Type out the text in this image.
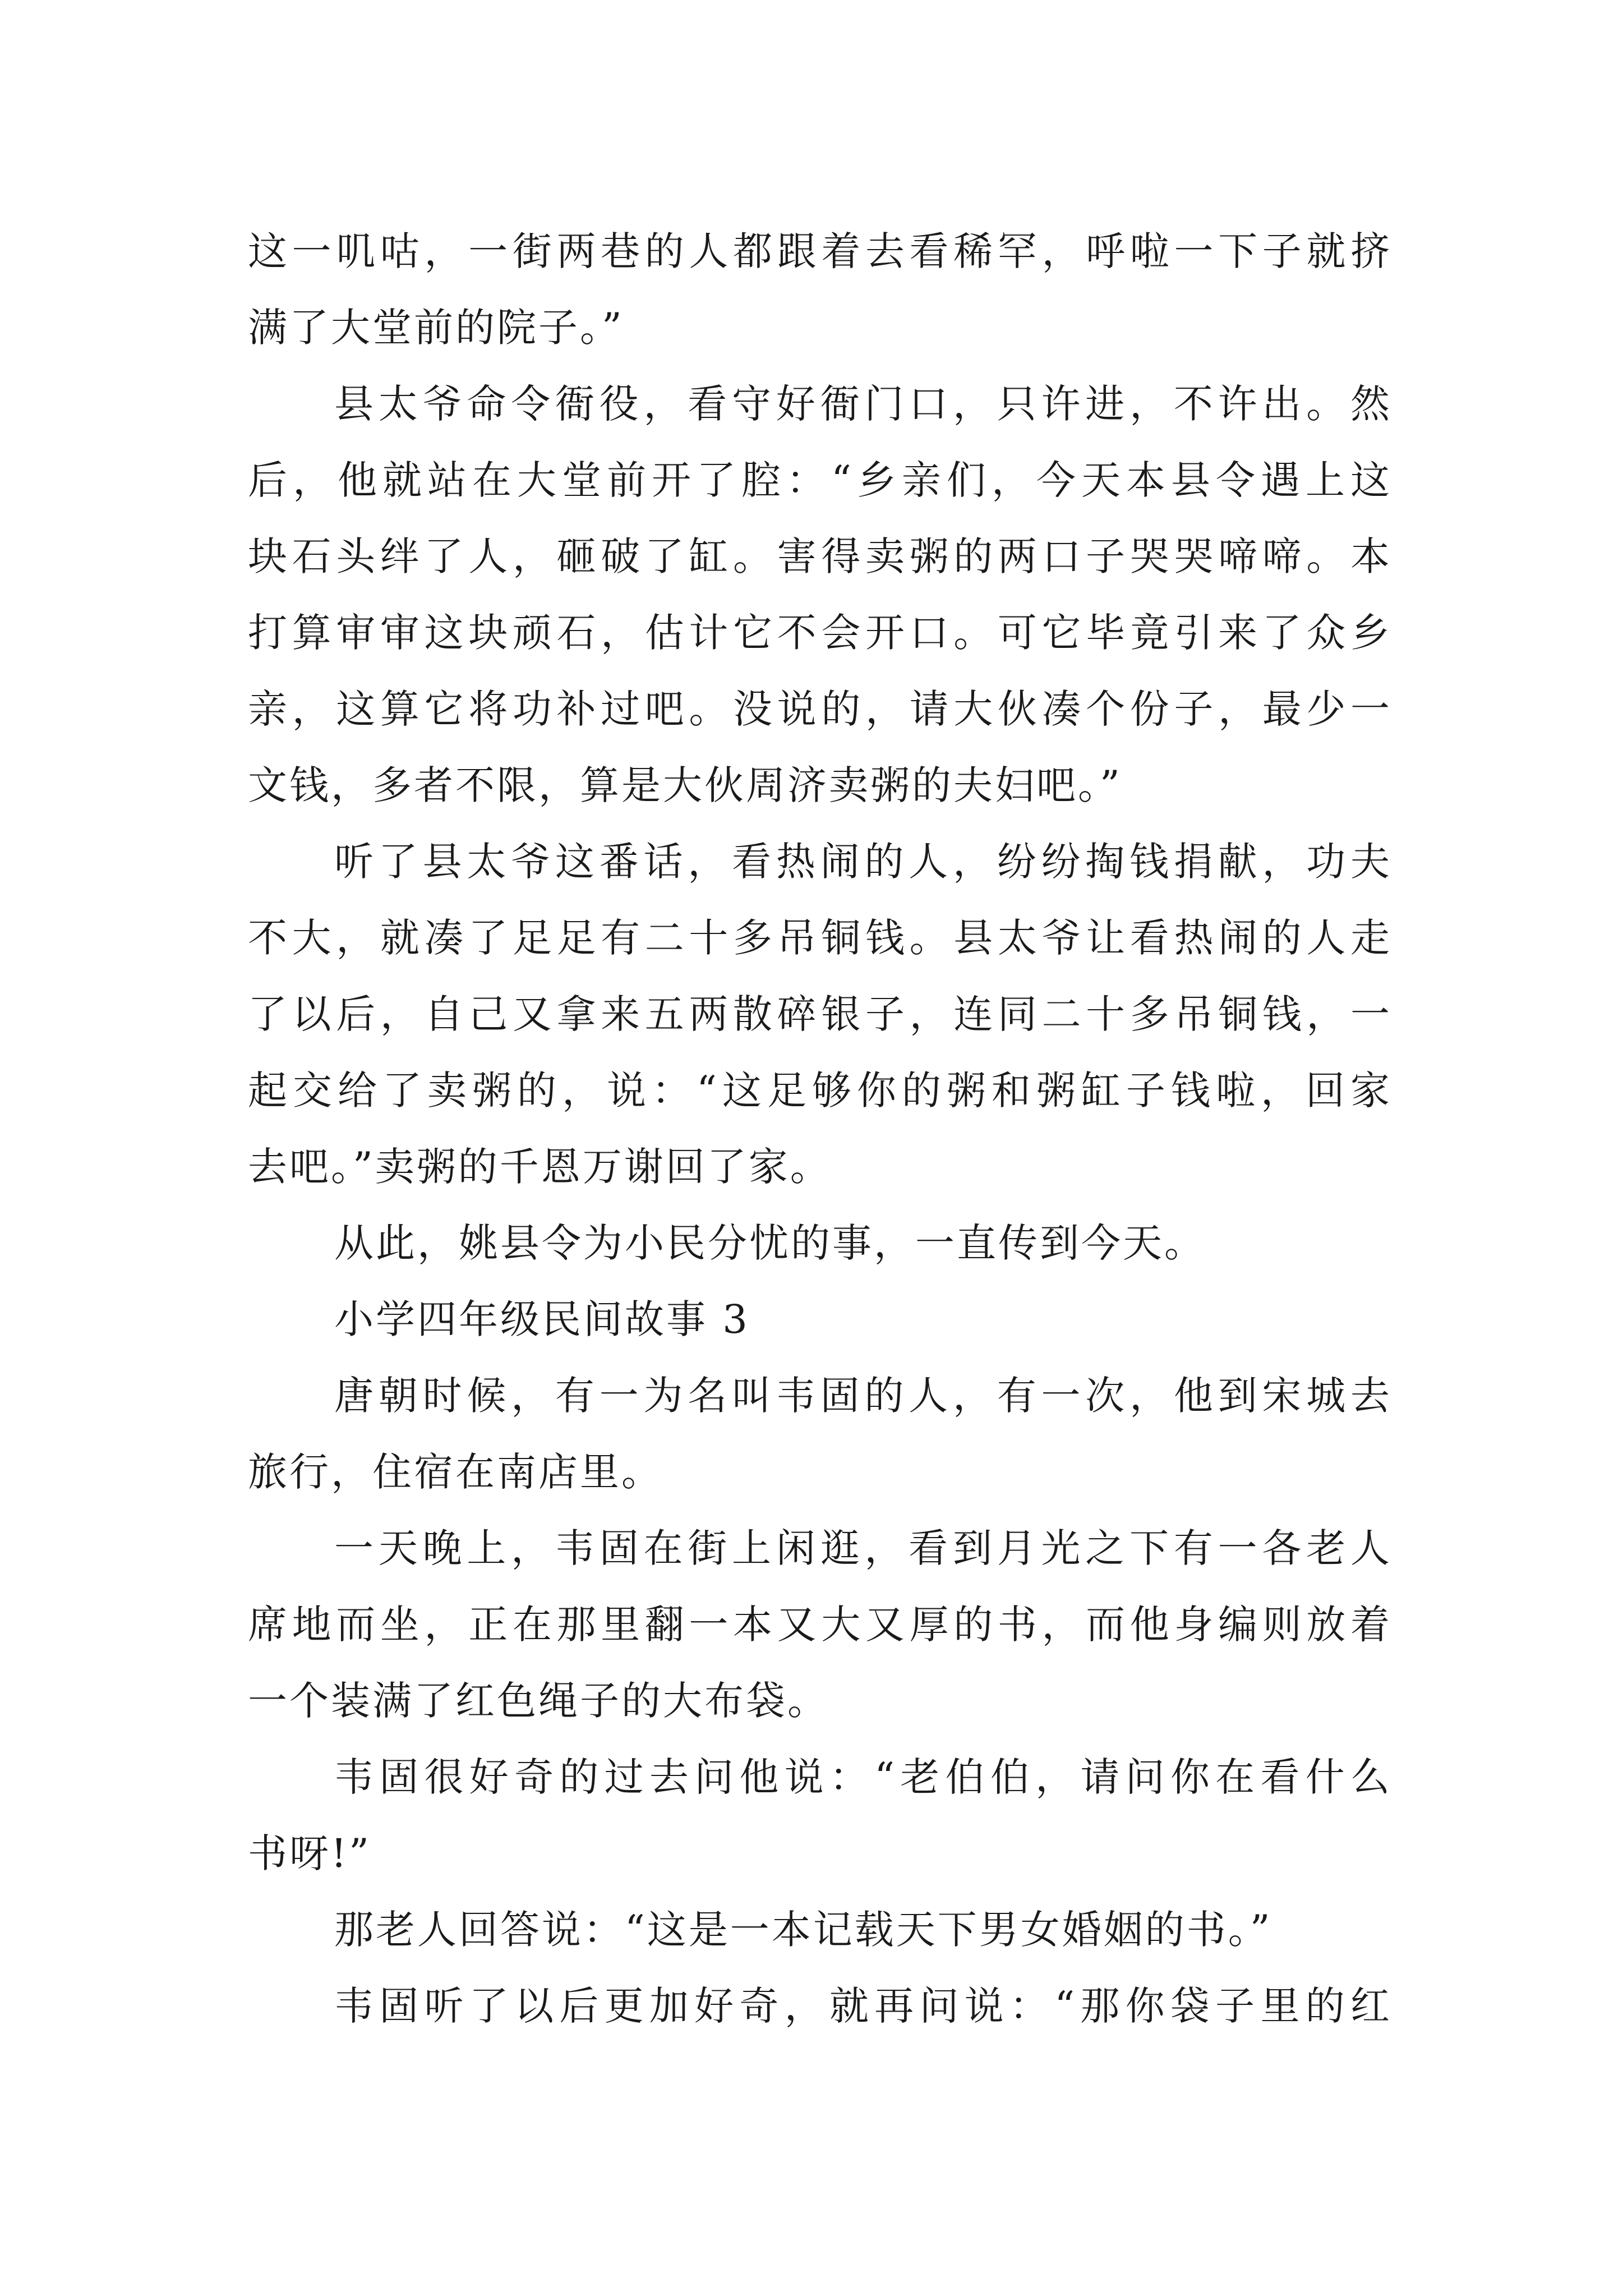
这一叽咕，一街两巷的人都跟着去看稀罕，呼啦一下子就挤
满了大堂前的院子。”
县太爷命令衙役，看守好衙门口，只许进，不许出。然
后，他就站在大堂前开了腔：“乡亲们，今天本县令遇上这
块石头绊了人，砸破了缸。害得卖粥的两口子哭哭啼啼。本
打算审审这块顽石，估计它不会开口。可它毕竟引来了众乡
亲，这算它将功补过吧。没说的，请大伙凑个份子，最少一
文钱，多者不限，算是大伙周济卖粥的夫妇吧。”
听了县太爷这番话，看热闹的人，纷纷掏钱捐献，功夫
不大，就凑了足足有二十多吊铜钱。县太爷让看热闹的人走
了以后，自己又拿来五两散碎银子，连同二十多吊铜钱，一
起交给了卖粥的，说：“这足够你的粥和粥缸子钱啦，回家
去吧。”卖粥的千恩万谢回了家。
从此，姚县令为小民分忧的事，一直传到今天。
小学四年级民间故事 3
唐朝时候，有一为名叫韦固的人，有一次，他到宋城去
旅行，住宿在南店里。
一天晚上，韦固在街上闲逛，看到月光之下有一各老人
席地而坐，正在那里翻一本又大又厚的书，而他身编则放着
一个装满了红色绳子的大布袋。
韦固很好奇的过去问他说：“老伯伯，请问你在看什么
书呀!”
那老人回答说：“这是一本记载天下男女婚姻的书。”
韦固听了以后更加好奇，就再问说：“那你袋子里的红
